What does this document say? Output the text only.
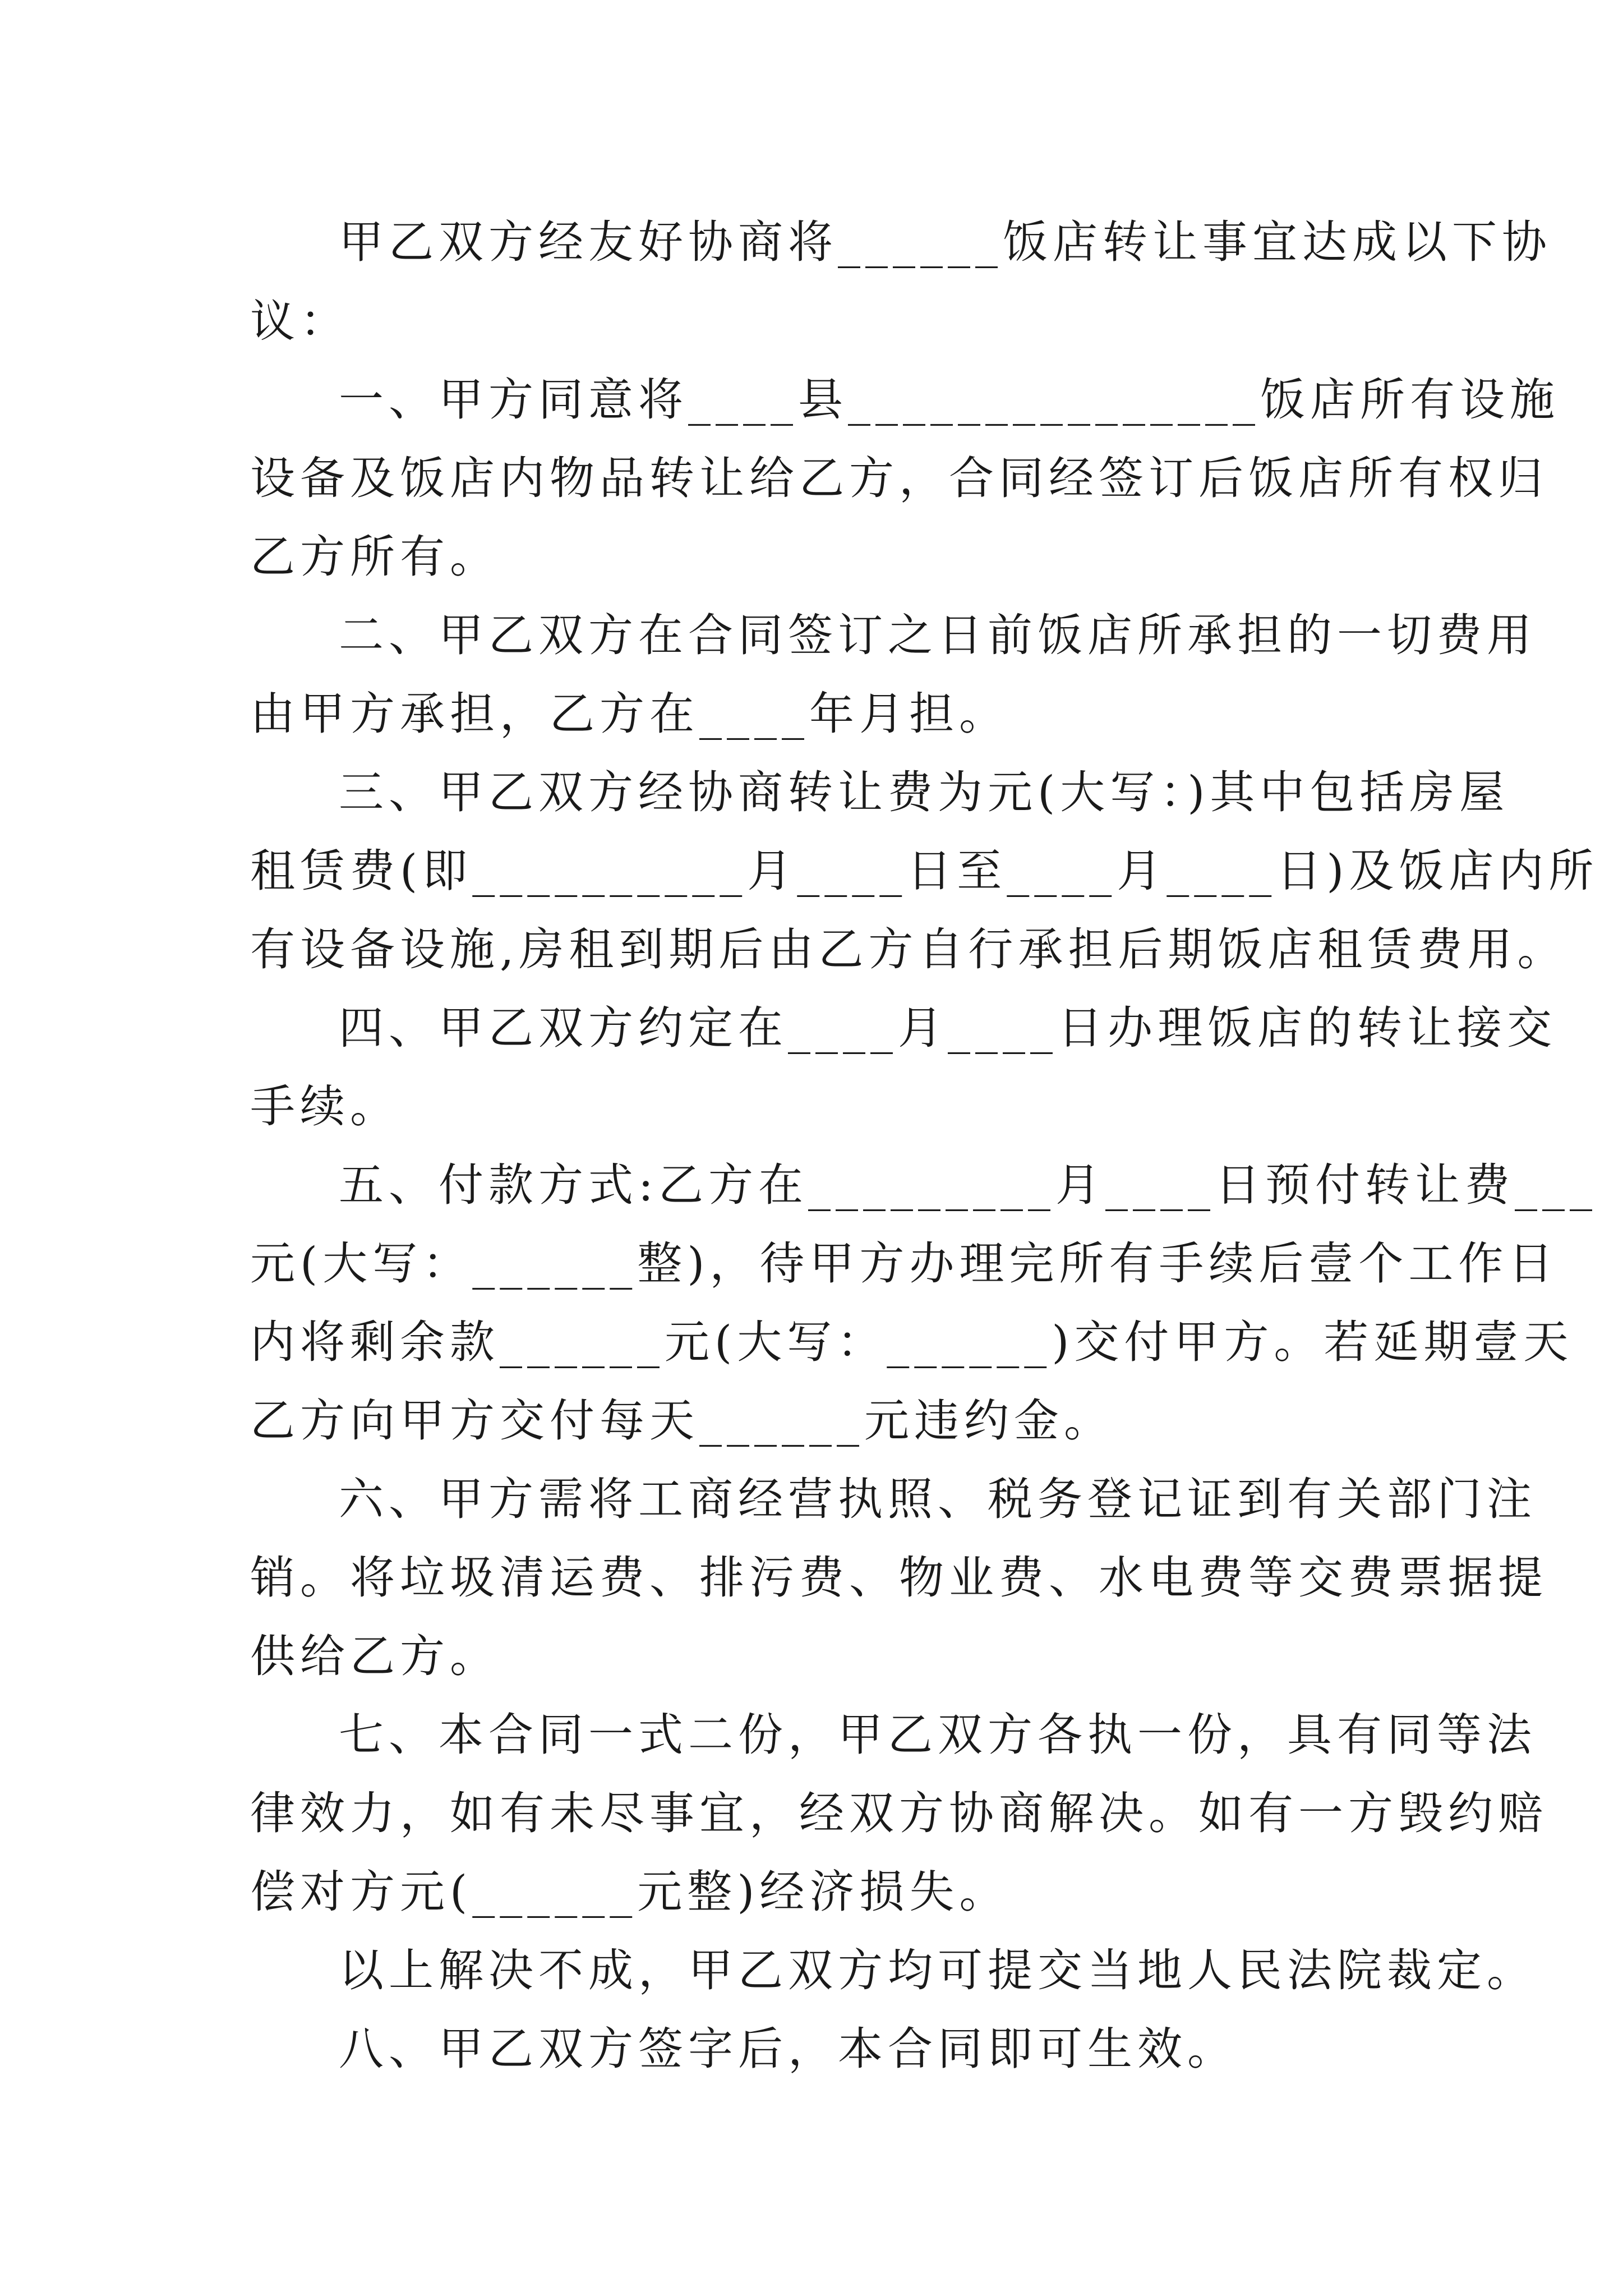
甲乙双方经友好协商将______饭店转让事宜达成以下协
议：
一、甲方同意将____县_______________饭店所有设施
设备及饭店内物品转让给乙方，合同经签订后饭店所有权归
乙方所有。
二、甲乙双方在合同签订之日前饭店所承担的一切费用
由甲方承担，乙方在____年月担。
三、甲乙双方经协商转让费为元(大写：)其中包括房屋
租赁费(即__________月____日至____月____日)及饭店内所
有设备设施,房租到期后由乙方自行承担后期饭店租赁费用。
四、甲乙双方约定在____月____日办理饭店的转让接交
手续。
五、付款方式:乙方在_________月____日预付转让费___
元(大写：______整)，待甲方办理完所有手续后壹个工作日
内将剩余款______元(大写：______)交付甲方。若延期壹天
乙方向甲方交付每天______元违约金。
六、甲方需将工商经营执照、税务登记证到有关部门注
销。将垃圾清运费、排污费、物业费、水电费等交费票据提
供给乙方。
七、本合同一式二份，甲乙双方各执一份，具有同等法
律效力，如有未尽事宜，经双方协商解决。如有一方毁约赔
偿对方元(______元整)经济损失。
以上解决不成，甲乙双方均可提交当地人民法院裁定。
八、甲乙双方签字后，本合同即可生效。
